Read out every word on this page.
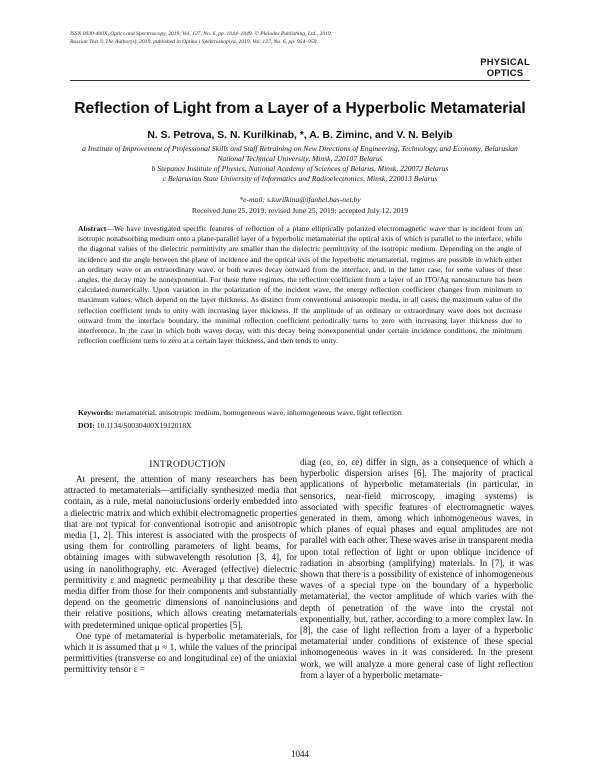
ISSN 0030-400X, Optics and Spectroscopy, 2019, Vol. 127, No. 6, pp. 1044–1049. © Pleiades Publishing, Ltd., 2019.
Russian Text © The Author(s), 2019, published in Optika i Spektroskopiya, 2019, Vol. 127, No. 6, pp. 954–959.
PHYSICAL
OPTICS
Reflection of Light from a Layer of a Hyperbolic Metamaterial
N. S. Petrova, S. N. Kurilkinab, *, A. B. Ziminc, and V. N. Belyib
a Institute of Improvement of Professional Skills and Staff Retraining on New Directions of Engineering, Technology, and Economy, Belarusian National Technical University, Minsk, 220107 Belarus
b Stepanov Institute of Physics, National Academy of Sciences of Belarus, Minsk, 220072 Belarus
c Belarusian State University of Informatics and Radioelectronics, Minsk, 220013 Belarus
*e-mail: s.kurilkina@ifanbel.bas-net.by
Received June 25, 2019; revised June 25, 2019; accepted July 12, 2019
Abstract—We have investigated specific features of reflection of a plane elliptically polarized electromagnetic wave that is incident from an isotropic nonabsorbing medium onto a plane-parallel layer of a hyperbolic metamaterial the optical axis of which is parallel to the interface, while the diagonal values of the dielectric permittivity are smaller than the dielectric permittivity of the isotropic medium. Depending on the angle of incidence and the angle between the plane of incidence and the optical axis of the hyperbolic metamaterial, regimes are possible in which either an ordinary wave or an extraordinary wave, or both waves decay outward from the interface, and, in the latter case, for some values of these angles, the decay may be nonexponential. For these three regimes, the reflection coefficient from a layer of an ITO/Ag nanostructure has been calculated numerically. Upon variation in the polarization of the incident wave, the energy reflection coefficient changes from minimum to maximum values, which depend on the layer thickness. As distinct from conventional anisotropic media, in all cases, the maximum value of the reflection coefficient tends to unity with increasing layer thickness. If the amplitude of an ordinary or extraordinary wave does not decrease outward from the interface boundary, the minimal reflection coefficient periodically turns to zero with increasing layer thickness due to interference. In the case in which both waves decay, with this decay being nonexponential under certain incidence conditions, the minimum reflection coefficient turns to zero at a certain layer thickness, and then tends to unity.
Keywords: metamaterial, anisotropic medium, homogeneous wave, inhomogeneous wave, light reflection
DOI: 10.1134/S0030400X1912018X
INTRODUCTION

At present, the attention of many researchers has been attracted to metamaterials—artificially synthesized media that contain, as a rule, metal nanoinclusions orderly embedded into a dielectric matrix and which exhibit electromagnetic properties that are not typical for conventional isotropic and anisotropic media [1, 2]. This interest is associated with the prospects of using them for controlling parameters of light beams, for obtaining images with subwavelength resolution [3, 4], for using in nanolithography, etc. Averaged (effective) dielectric permittivity ε and magnetic permeability μ that describe these media differ from those for their components and substantially depend on the geometric dimensions of nanoinclusions and their relative positions, which allows creating metamaterials with predetermined unique optical properties [5].

One type of metamaterial is hyperbolic metamaterials, for which it is assumed that μ ≈ 1, while the values of the principal permittivities (transverse εo and longitudinal εe) of the uniaxial permittivity tensor ε =

diag (εo, εo, εe) differ in sign, as a consequence of which a hyperbolic dispersion arises [6]. The majority of practical applications of hyperbolic metamaterials (in particular, in sensorics, near-field microscopy, imaging systems) is associated with specific features of electromagnetic waves generated in them, among which inhomogeneous waves, in which planes of equal phases and equal amplitudes are not parallel with each other. These waves arise in transparent media upon total reflection of light or upon oblique incidence of radiation in absorbing (amplifying) materials. In [7], it was shown that there is a possibility of existence of inhomogeneous waves of a special type on the boundary of a hyperbolic metamaterial, the vector amplitude of which varies with the depth of penetration of the wave into the crystal not exponentially, but, rather, according to a more complex law. In [8], the case of light reflection from a layer of a hyperbolic metamaterial under conditions of existence of these special inhomogeneous waves in it was considered. In the present work, we will analyze a more general case of light reflection from a layer of a hyperbolic metamate-

1044
